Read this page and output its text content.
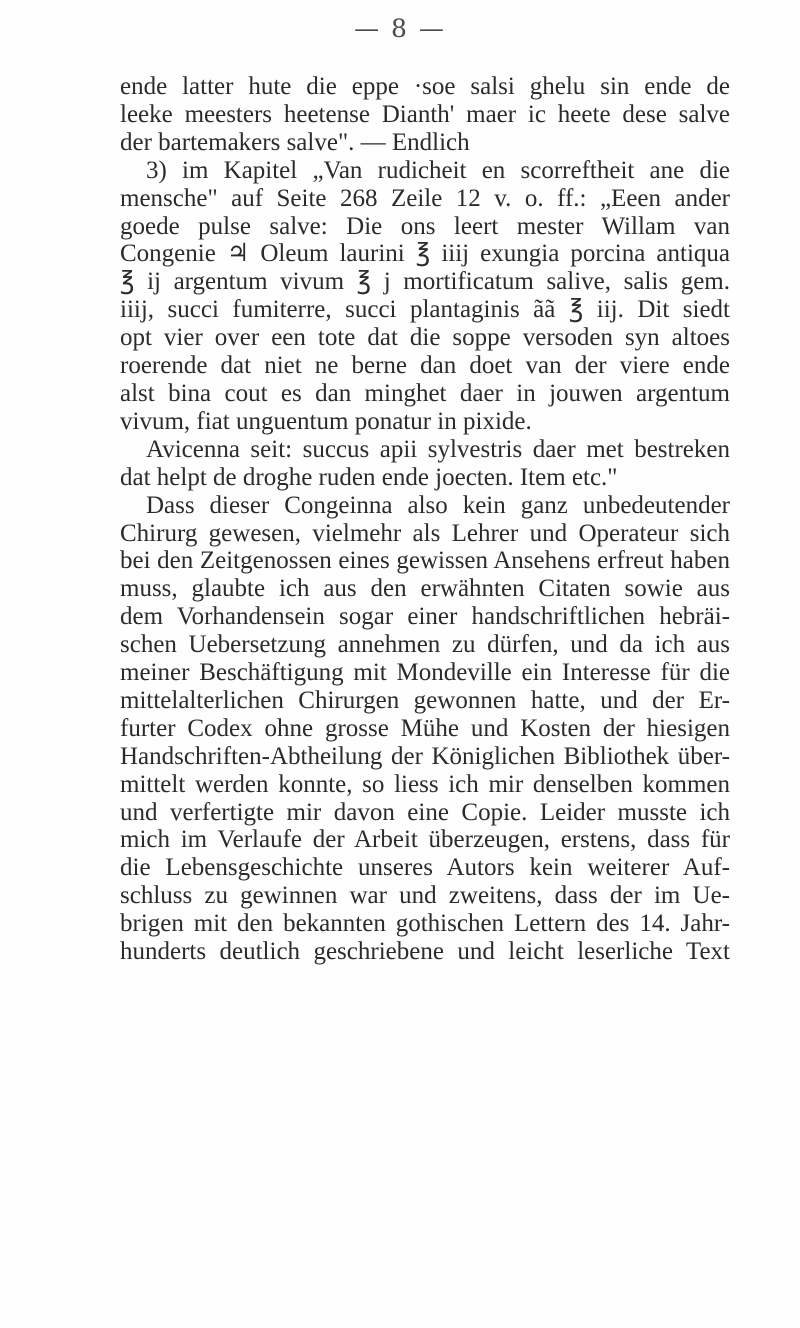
— 8 —
ende latter hute die eppe ·soe salsi ghelu sin ende de
leeke meesters heetense Dianth' maer ic heete dese salve
der bartemakers salve". — Endlich
3) im Kapitel „Van rudicheit en scorreftheit ane die
mensche" auf Seite 268 Zeile 12 v. o. ff.: „Eeen ander
goede pulse salve: Die ons leert mester Willam van
Congenie ♃ Oleum laurini ℥ iiij exungia porcina antiqua
℥ ij argentum vivum ℥ j mortificatum salive, salis gem.
iiij, succi fumiterre, succi plantaginis ãã ℥ iij. Dit siedt
opt vier over een tote dat die soppe versoden syn altoes
roerende dat niet ne berne dan doet van der viere ende
alst bina cout es dan minghet daer in jouwen argentum
vivum, fiat unguentum ponatur in pixide.
Avicenna seit: succus apii sylvestris daer met bestreken
dat helpt de droghe ruden ende joecten. Item etc."
Dass dieser Congeinna also kein ganz unbedeutender
Chirurg gewesen, vielmehr als Lehrer und Operateur sich
bei den Zeitgenossen eines gewissen Ansehens erfreut haben
muss, glaubte ich aus den erwähnten Citaten sowie aus
dem Vorhandensein sogar einer handschriftlichen hebräi-
schen Uebersetzung annehmen zu dürfen, und da ich aus
meiner Beschäftigung mit Mondeville ein Interesse für die
mittelalterlichen Chirurgen gewonnen hatte, und der Er-
furter Codex ohne grosse Mühe und Kosten der hiesigen
Handschriften-Abtheilung der Königlichen Bibliothek über-
mittelt werden konnte, so liess ich mir denselben kommen
und verfertigte mir davon eine Copie. Leider musste ich
mich im Verlaufe der Arbeit überzeugen, erstens, dass für
die Lebensgeschichte unseres Autors kein weiterer Auf-
schluss zu gewinnen war und zweitens, dass der im Ue-
brigen mit den bekannten gothischen Lettern des 14. Jahr-
hunderts deutlich geschriebene und leicht leserliche Text
